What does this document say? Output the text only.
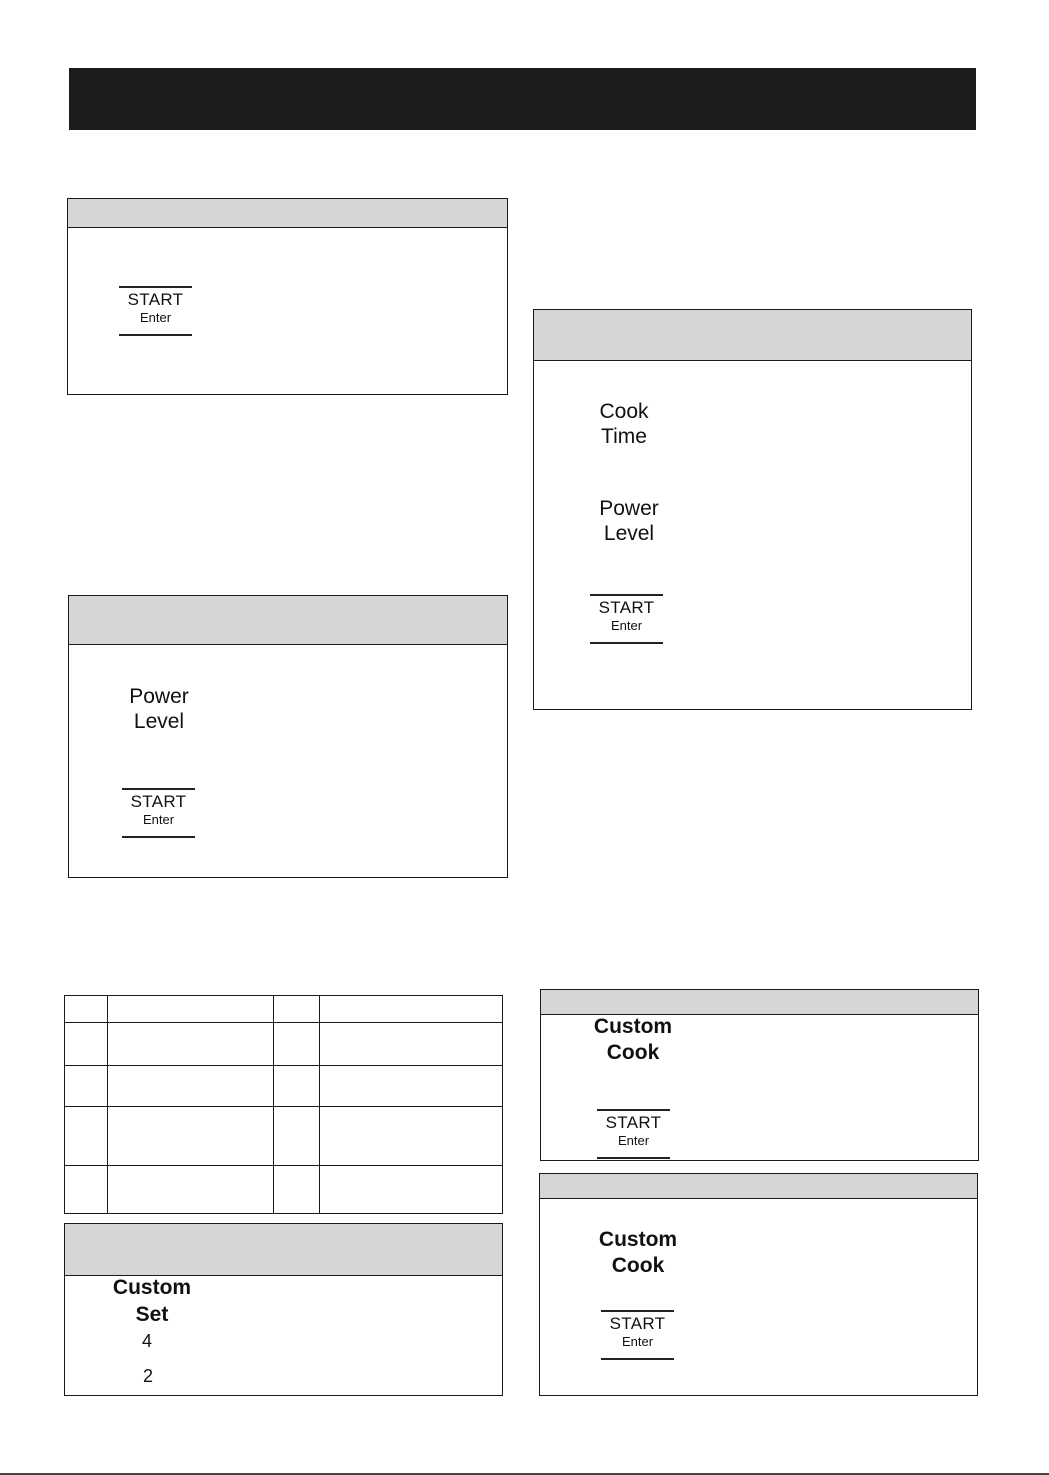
START
Enter
Power
Level
START
Enter
Cook
Time
Power
Level
START
Enter

Custom
Set
4
2
Custom
Cook
START
Enter
Custom
Cook
START
Enter
